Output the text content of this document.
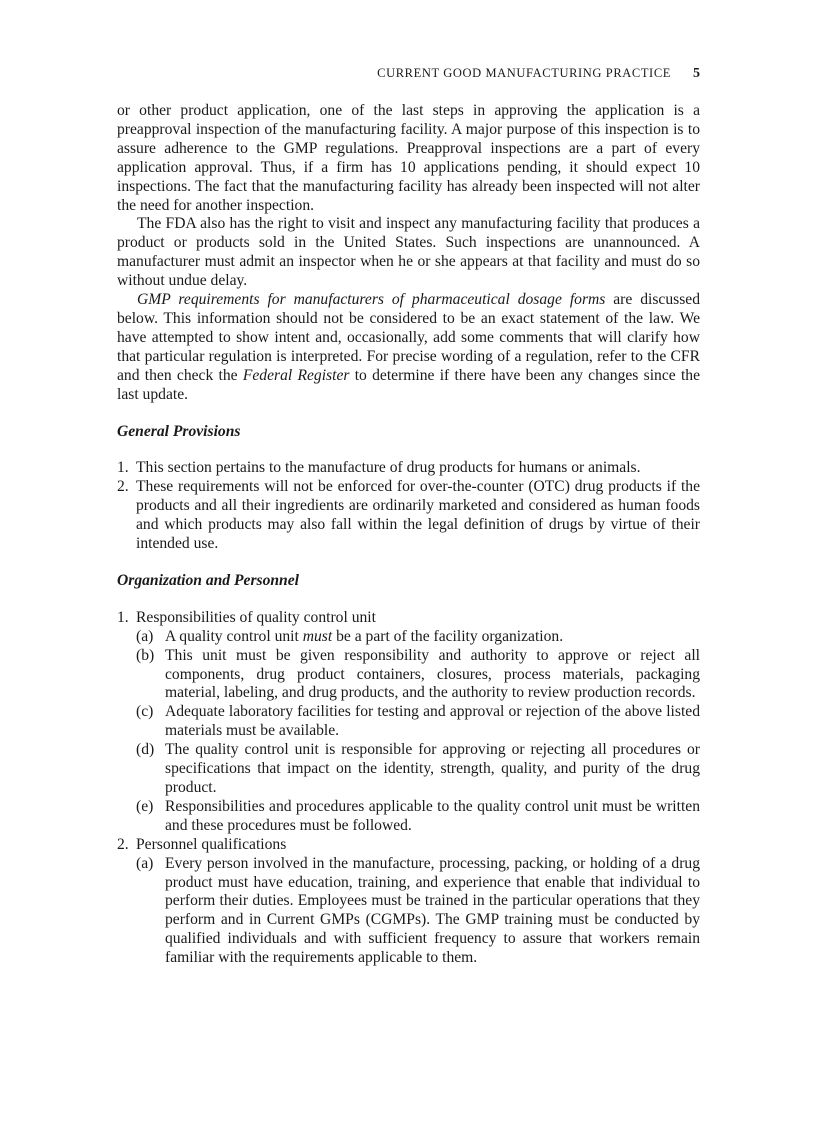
CURRENT GOOD MANUFACTURING PRACTICE 5

or other product application, one of the last steps in approving the application is a preapproval inspection of the manufacturing facility. A major purpose of this inspection is to assure adherence to the GMP regulations. Preapproval inspections are a part of every application approval. Thus, if a firm has 10 applications pending, it should expect 10 inspections. The fact that the manufacturing facility has already been inspected will not alter the need for another inspection.

The FDA also has the right to visit and inspect any manufacturing facility that produces a product or products sold in the United States. Such inspections are unannounced. A manufacturer must admit an inspector when he or she appears at that facility and must do so without undue delay.

GMP requirements for manufacturers of pharmaceutical dosage forms are discussed below. This information should not be considered to be an exact statement of the law. We have attempted to show intent and, occasionally, add some comments that will clarify how that particular regulation is interpreted. For precise wording of a regulation, refer to the CFR and then check the Federal Register to determine if there have been any changes since the last update.

General Provisions
1. This section pertains to the manufacture of drug products for humans or animals.
2. These requirements will not be enforced for over-the-counter (OTC) drug products if the products and all their ingredients are ordinarily marketed and considered as human foods and which products may also fall within the legal definition of drugs by virtue of their intended use.
Organization and Personnel
1. Responsibilities of quality control unit
(a) A quality control unit must be a part of the facility organization.
(b) This unit must be given responsibility and authority to approve or reject all components, drug product containers, closures, process materials, packaging material, labeling, and drug products, and the authority to review production records.
(c) Adequate laboratory facilities for testing and approval or rejection of the above listed materials must be available.
(d) The quality control unit is responsible for approving or rejecting all procedures or specifications that impact on the identity, strength, quality, and purity of the drug product.
(e) Responsibilities and procedures applicable to the quality control unit must be written and these procedures must be followed.
2. Personnel qualifications
(a) Every person involved in the manufacture, processing, packing, or holding of a drug product must have education, training, and experience that enable that individual to perform their duties. Employees must be trained in the particular operations that they perform and in Current GMPs (CGMPs). The GMP training must be conducted by qualified individuals and with sufficient frequency to assure that workers remain familiar with the requirements applicable to them.
